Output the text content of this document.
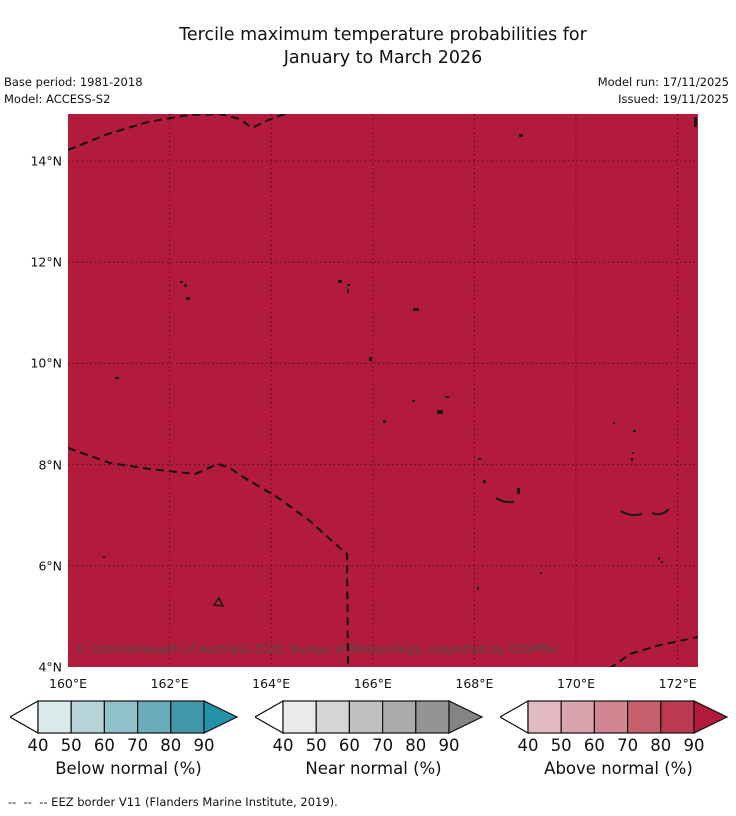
Tercile maximum temperature probabilities for
January to March 2026
Base period: 1981-2018
Model: ACCESS-S2
Model run: 17/11/2025
Issued: 19/11/2025
© Commonwealth of Australia 2025, Bureau of Meteorology, supported by COSPPac
14°N
12°N
10°N
8°N
6°N
4°N
160°E	162°E	164°E	166°E	168°E	170°E	172°E
40 50 60 70 80 90
Below normal (%)
40 50 60 70 80 90
Near normal (%)
40 50 60 70 80 90
Above normal (%)
--  --  -- EEZ border V11 (Flanders Marine Institute, 2019).
